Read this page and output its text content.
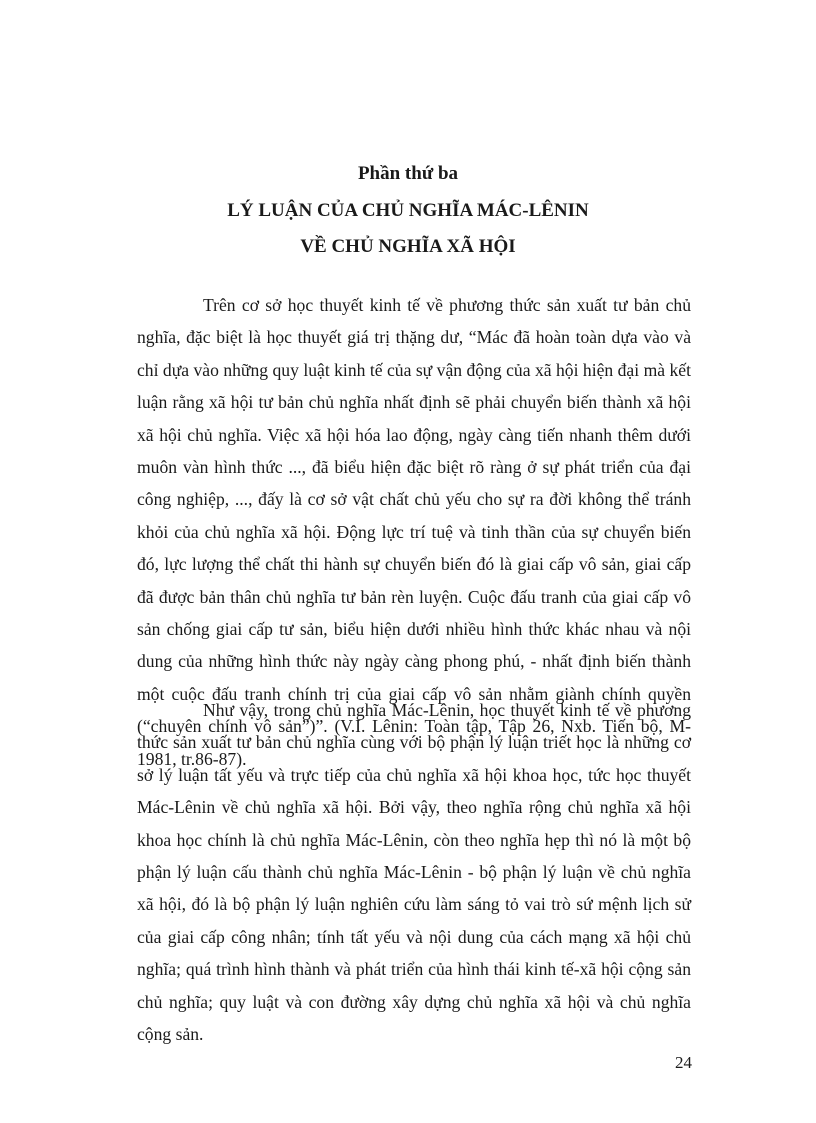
Phần thứ ba
LÝ LUẬN CỦA CHỦ NGHĨA MÁC-LÊNIN
VỀ CHỦ NGHĨA XÃ HỘI

Trên cơ sở học thuyết kinh tế về phương thức sản xuất tư bản chủ nghĩa, đặc biệt là học thuyết giá trị thặng dư, “Mác đã hoàn toàn dựa vào và chỉ dựa vào những quy luật kinh tế của sự vận động của xã hội hiện đại mà kết luận rằng xã hội tư bản chủ nghĩa nhất định sẽ phải chuyển biến thành xã hội xã hội chủ nghĩa. Việc xã hội hóa lao động, ngày càng tiến nhanh thêm dưới muôn vàn hình thức ..., đã biểu hiện đặc biệt rõ ràng ở sự phát triển của đại công nghiệp, ..., đấy là cơ sở vật chất chủ yếu cho sự ra đời không thể tránh khỏi của chủ nghĩa xã hội. Động lực trí tuệ và tinh thần của sự chuyển biến đó, lực lượng thể chất thi hành sự chuyển biến đó là giai cấp vô sản, giai cấp đã được bản thân chủ nghĩa tư bản rèn luyện. Cuộc đấu tranh của giai cấp vô sản chống giai cấp tư sản, biểu hiện dưới nhiều hình thức khác nhau và nội dung của những hình thức này ngày càng phong phú, - nhất định biến thành một cuộc đấu tranh chính trị của giai cấp vô sản nhằm giành chính quyền (“chuyên chính vô sản”)”. (V.I. Lênin: Toàn tập, Tập 26, Nxb. Tiến bộ, M-1981, tr.86-87).

Như vậy, trong chủ nghĩa Mác-Lênin, học thuyết kinh tế về phương thức sản xuất tư bản chủ nghĩa cùng với bộ phận lý luận triết học là những cơ sở lý luận tất yếu và trực tiếp của chủ nghĩa xã hội khoa học, tức học thuyết Mác-Lênin về chủ nghĩa xã hội. Bởi vậy, theo nghĩa rộng chủ nghĩa xã hội khoa học chính là chủ nghĩa Mác-Lênin, còn theo nghĩa hẹp thì nó là một bộ phận lý luận cấu thành chủ nghĩa Mác-Lênin - bộ phận lý luận về chủ nghĩa xã hội, đó là bộ phận lý luận nghiên cứu làm sáng tỏ vai trò sứ mệnh lịch sử của giai cấp công nhân; tính tất yếu và nội dung của cách mạng xã hội chủ nghĩa; quá trình hình thành và phát triển của hình thái kinh tế-xã hội cộng sản chủ nghĩa; quy luật và con đường xây dựng chủ nghĩa xã hội và chủ nghĩa cộng sản.

24
